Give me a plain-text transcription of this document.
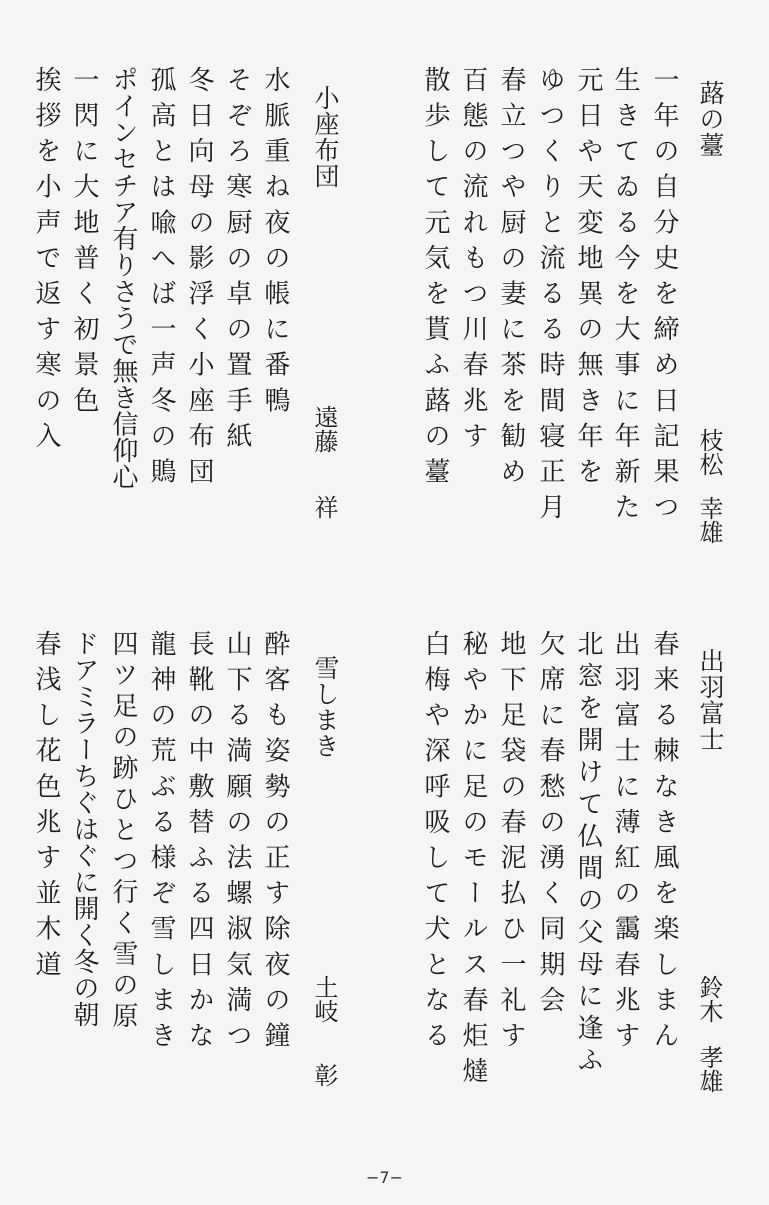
蕗の薹
枝松幸雄
一年の自分史を締め日記果つ
生きてゐる今を大事に年新た
元日や天変地異の無き年を
ゆつくりと流るる時間寝正月
春立つや厨の妻に茶を勧め
百態の流れもつ川春兆す
散歩して元気を貰ふ蕗の薹
小座布団
遠藤祥
水脈重ね夜の帳に番鴨
そぞろ寒厨の卓の置手紙
冬日向母の影浮く小座布団
孤高とは喩へば一声冬の鵙
ポインセチア有りさうで無き信仰心
一閃に大地普く初景色
挨拶を小声で返す寒の入
出羽富士
鈴木孝雄
春来る棘なき風を楽しまん
出羽富士に薄紅の靄春兆す
北窓を開けて仏間の父母に逢ふ
欠席に春愁の湧く同期会
地下足袋の春泥払ひ一礼す
秘やかに足のモールス春炬燵
白梅や深呼吸して犬となる
雪しまき
土岐彰
酔客も姿勢の正す除夜の鐘
山下る満願の法螺淑気満つ
長靴の中敷替ふる四日かな
龍神の荒ぶる様ぞ雪しまき
四ツ足の跡ひとつ行く雪の原
ドアミラーちぐはぐに開く冬の朝
春浅し花色兆す並木道
−7−
